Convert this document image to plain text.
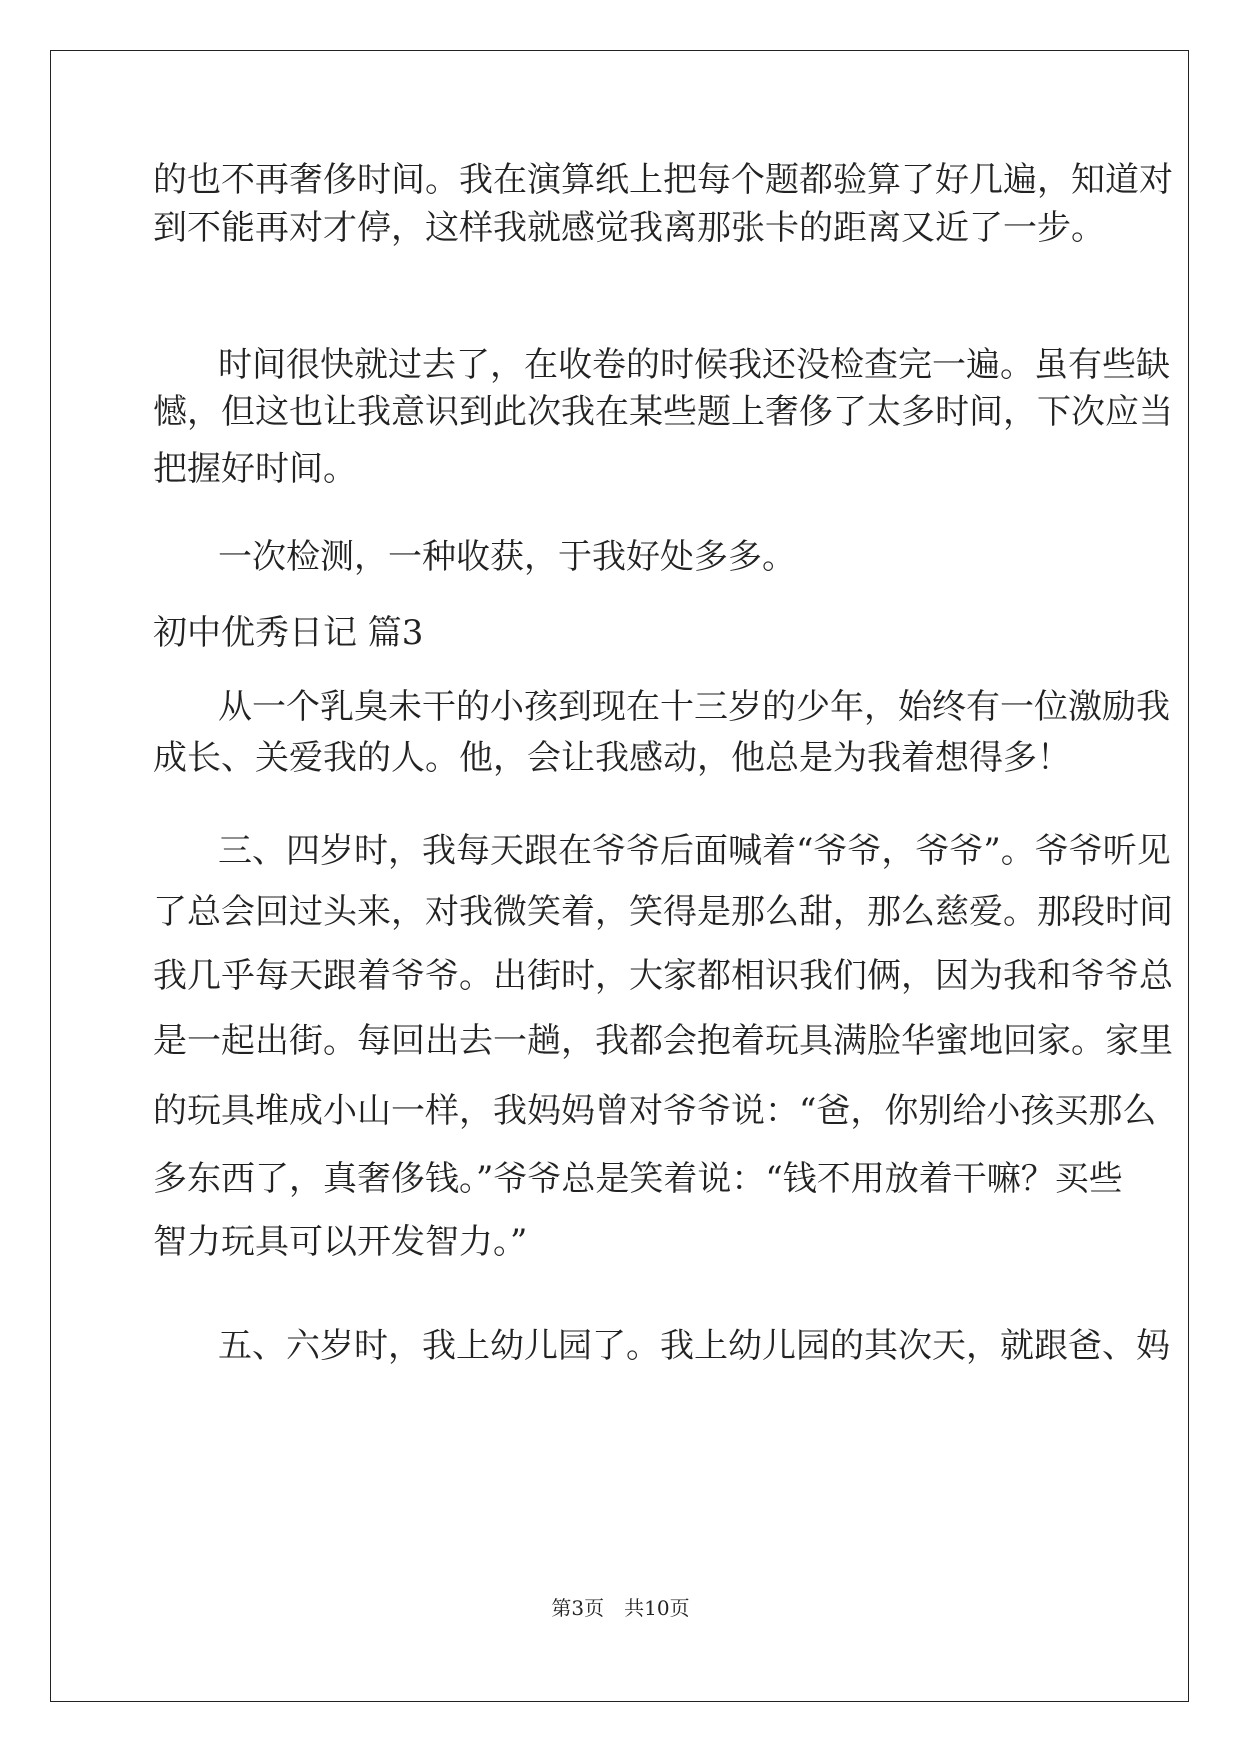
的也不再奢侈时间。我在演算纸上把每个题都验算了好几遍，知道对
到不能再对才停，这样我就感觉我离那张卡的距离又近了一步。
时间很快就过去了，在收卷的时候我还没检查完一遍。虽有些缺
憾，但这也让我意识到此次我在某些题上奢侈了太多时间，下次应当
把握好时间。
一次检测，一种收获，于我好处多多。
初中优秀日记 篇3
从一个乳臭未干的小孩到现在十三岁的少年，始终有一位激励我
成长、关爱我的人。他，会让我感动，他总是为我着想得多！
三、四岁时，我每天跟在爷爷后面喊着“爷爷，爷爷”。爷爷听见
了总会回过头来，对我微笑着，笑得是那么甜，那么慈爱。那段时间
我几乎每天跟着爷爷。出街时，大家都相识我们俩，因为我和爷爷总
是一起出街。每回出去一趟，我都会抱着玩具满脸华蜜地回家。家里
的玩具堆成小山一样，我妈妈曾对爷爷说：“爸，你别给小孩买那么
多东西了，真奢侈钱。”爷爷总是笑着说：“钱不用放着干嘛？买些
智力玩具可以开发智力。”
五、六岁时，我上幼儿园了。我上幼儿园的其次天，就跟爸、妈
第3页　共10页
